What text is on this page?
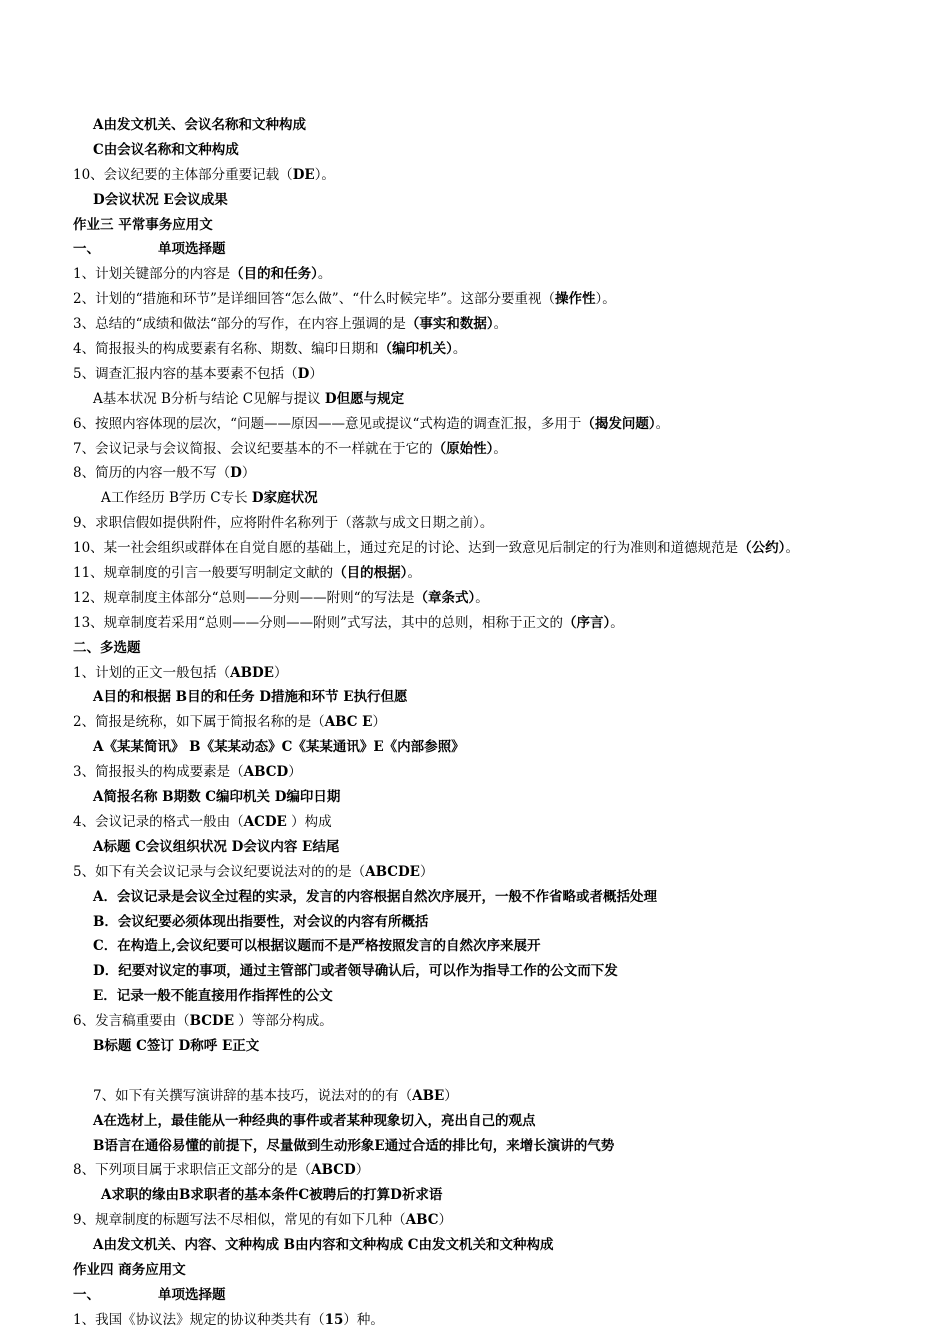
A由发文机关、会议名称和文种构成
C由会议名称和文种构成
10、会议纪要的主体部分重要记载（DE）。
D会议状况 E会议成果
作业三 平常事务应用文
一、	单项选择题
1、计划关键部分的内容是（目的和任务）。
2、计划的“措施和环节”是详细回答“怎么做”、“什么时候完毕”。这部分要重视（操作性）。
3、总结的“成绩和做法“部分的写作，在内容上强调的是（事实和数据）。
4、简报报头的构成要素有名称、期数、编印日期和（编印机关）。
5、调查汇报内容的基本要素不包括（D）
A基本状况 B分析与结论 C见解与提议 D但愿与规定
6、按照内容体现的层次，“问题——原因——意见或提议“式构造的调查汇报，多用于（揭发问题）。
7、会议记录与会议简报、会议纪要基本的不一样就在于它的（原始性）。
8、简历的内容一般不写（D）
A工作经历 B学历 C专长 D家庭状况
9、求职信假如提供附件，应将附件名称列于（落款与成文日期之前）。
10、某一社会组织或群体在自觉自愿的基础上，通过充足的讨论、达到一致意见后制定的行为准则和道德规范是（公约）。
11、规章制度的引言一般要写明制定文献的（目的根据）。
12、规章制度主体部分“总则——分则——附则“的写法是（章条式）。
13、规章制度若采用“总则——分则——附则”式写法，其中的总则，相称于正文的（序言）。
二、多选题
1、计划的正文一般包括（ABDE）
A目的和根据 B目的和任务 D措施和环节 E执行但愿
2、简报是统称，如下属于简报名称的是（ABC E）
A《某某简讯》 B《某某动态》C《某某通讯》E《内部参照》
3、简报报头的构成要素是（ABCD）
A简报名称 B期数 C编印机关 D编印日期
4、会议记录的格式一般由（ACDE ）构成
A标题 C会议组织状况 D会议内容 E结尾
5、如下有关会议记录与会议纪要说法对的的是（ABCDE）
A．会议记录是会议全过程的实录，发言的内容根据自然次序展开，一般不作省略或者概括处理
B．会议纪要必须体现出指要性，对会议的内容有所概括
C．在构造上,会议纪要可以根据议题而不是严格按照发言的自然次序来展开
D．纪要对议定的事项，通过主管部门或者领导确认后，可以作为指导工作的公文而下发
E．记录一般不能直接用作指挥性的公文
6、发言稿重要由（BCDE ）等部分构成。
B标题 C签订 D称呼 E正文
7、如下有关撰写演讲辞的基本技巧，说法对的的有（ABE）
A在选材上，最佳能从一种经典的事件或者某种现象切入，亮出自己的观点
B语言在通俗易懂的前提下，尽量做到生动形象E通过合适的排比句，来增长演讲的气势
8、下列项目属于求职信正文部分的是（ABCD）
A求职的缘由B求职者的基本条件C被聘后的打算D祈求语
9、规章制度的标题写法不尽相似，常见的有如下几种（ABC）
A由发文机关、内容、文种构成 B由内容和文种构成 C由发文机关和文种构成
作业四 商务应用文
一、	单项选择题
1、我国《协议法》规定的协议种类共有（15）种。
